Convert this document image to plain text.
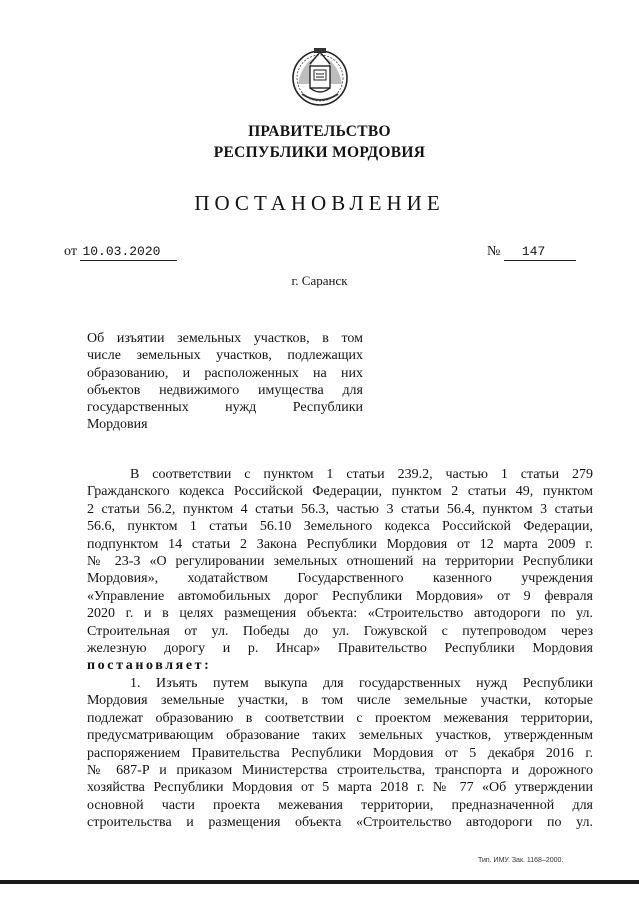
ПРАВИТЕЛЬСТВО
РЕСПУБЛИКИ МОРДОВИЯ
ПОСТАНОВЛЕНИЕ
от 10.03.2020	№ 147
г. Саранск
Об изъятии земельных участков, в том
числе земельных участков, подлежащих
образованию, и расположенных на них
объектов недвижимого имущества для
государственных нужд Республики
Мордовия
В соответствии с пунктом 1 статьи 239.2, частью 1 статьи 279
Гражданского кодекса Российской Федерации, пунктом 2 статьи 49, пунктом
2 статьи 56.2, пунктом 4 статьи 56.3, частью 3 статьи 56.4, пунктом 3 статьи
56.6, пунктом 1 статьи 56.10 Земельного кодекса Российской Федерации,
подпунктом 14 статьи 2 Закона Республики Мордовия от 12 марта 2009 г.
№ 23-З «О регулировании земельных отношений на территории Республики
Мордовия», ходатайством Государственного казенного учреждения
«Управление автомобильных дорог Республики Мордовия» от 9 февраля
2020 г. и в целях размещения объекта: «Строительство автодороги по ул.
Строительная от ул. Победы до ул. Гожувской с путепроводом через
железную дорогу и р. Инсар» Правительство Республики Мордовия
постановляет:
1. Изъять путем выкупа для государственных нужд Республики
Мордовия земельные участки, в том числе земельные участки, которые
подлежат образованию в соответствии с проектом межевания территории,
предусматривающим образование таких земельных участков, утвержденным
распоряжением Правительства Республики Мордовия от 5 декабря 2016 г.
№ 687-Р и приказом Министерства строительства, транспорта и дорожного
хозяйства Республики Мордовия от 5 марта 2018 г. № 77 «Об утверждении
основной части проекта межевания территории, предназначенной для
строительства и размещения объекта «Строительство автодороги по ул.
Тип. ИМУ. Зак. 1168–2000.
